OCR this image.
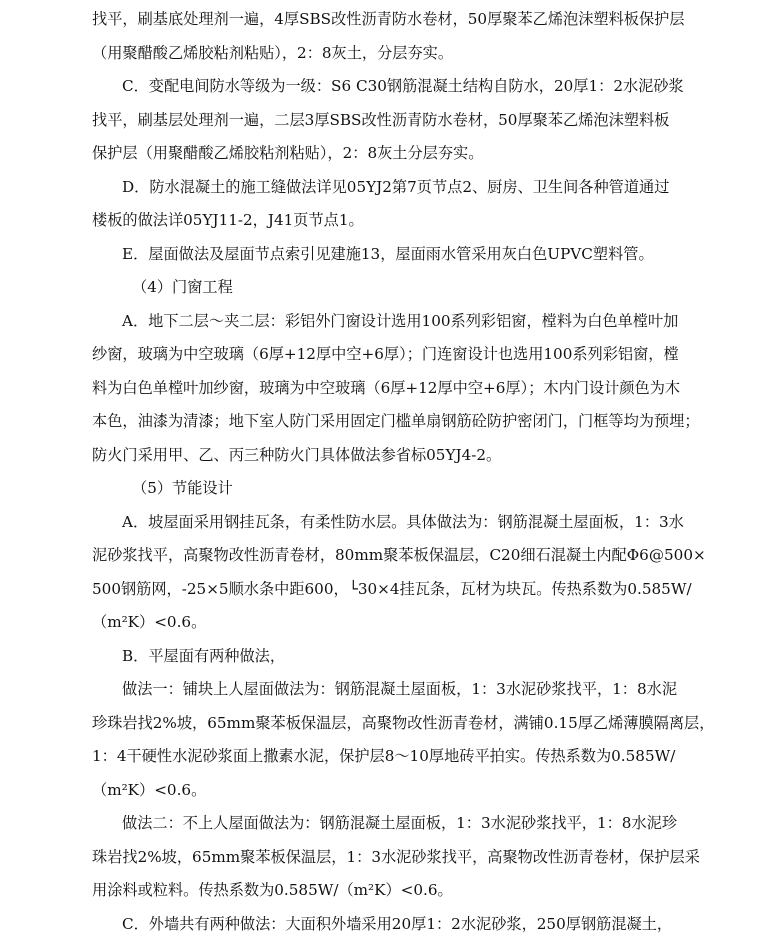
找平，刷基底处理剂一遍，4厚SBS改性沥青防水卷材，50厚聚苯乙烯泡沫塑料板保护层
（用聚醋酸乙烯胶粘剂粘贴），2：8灰土，分层夯实。
C．变配电间防水等级为一级：S6 C30钢筋混凝土结构自防水，20厚1：2水泥砂浆
找平，刷基层处理剂一遍，二层3厚SBS改性沥青防水卷材，50厚聚苯乙烯泡沫塑料板
保护层（用聚醋酸乙烯胶粘剂粘贴），2：8灰土分层夯实。
D．防水混凝土的施工缝做法详见05YJ2第7页节点2、厨房、卫生间各种管道通过
楼板的做法详05YJ11-2，J41页节点1。
E．屋面做法及屋面节点索引见建施13，屋面雨水管采用灰白色UPVC塑料管。
（4）门窗工程
A．地下二层～夹二层：彩铝外门窗设计选用100系列彩铝窗，樘料为白色单樘叶加
纱窗，玻璃为中空玻璃（6厚+12厚中空+6厚）；门连窗设计也选用100系列彩铝窗，樘
料为白色单樘叶加纱窗，玻璃为中空玻璃（6厚+12厚中空+6厚）；木内门设计颜色为木
本色，油漆为清漆；地下室人防门采用固定门槛单扇钢筋砼防护密闭门，门框等均为预埋；
防火门采用甲、乙、丙三种防火门具体做法参省标05YJ4-2。
（5）节能设计
A．坡屋面采用钢挂瓦条，有柔性防水层。具体做法为：钢筋混凝土屋面板，1：3水
泥砂浆找平，高聚物改性沥青卷材，80mm聚苯板保温层，C20细石混凝土内配Φ6@500×
500钢筋网，-25×5顺水条中距600，└30×4挂瓦条，瓦材为块瓦。传热系数为0.585W/
（m²K）<0.6。
B．平屋面有两种做法，
做法一：铺块上人屋面做法为：钢筋混凝土屋面板，1：3水泥砂浆找平，1：8水泥
珍珠岩找2%坡，65mm聚苯板保温层，高聚物改性沥青卷材，满铺0.15厚乙烯薄膜隔离层，
1：4干硬性水泥砂浆面上撒素水泥，保护层8～10厚地砖平拍实。传热系数为0.585W/
（m²K）<0.6。
做法二：不上人屋面做法为：钢筋混凝土屋面板，1：3水泥砂浆找平，1：8水泥珍
珠岩找2%坡，65mm聚苯板保温层，1：3水泥砂浆找平，高聚物改性沥青卷材，保护层采
用涂料或粒料。传热系数为0.585W/（m²K）<0.6。
C．外墙共有两种做法：大面积外墙采用20厚1：2水泥砂浆，250厚钢筋混凝土，
